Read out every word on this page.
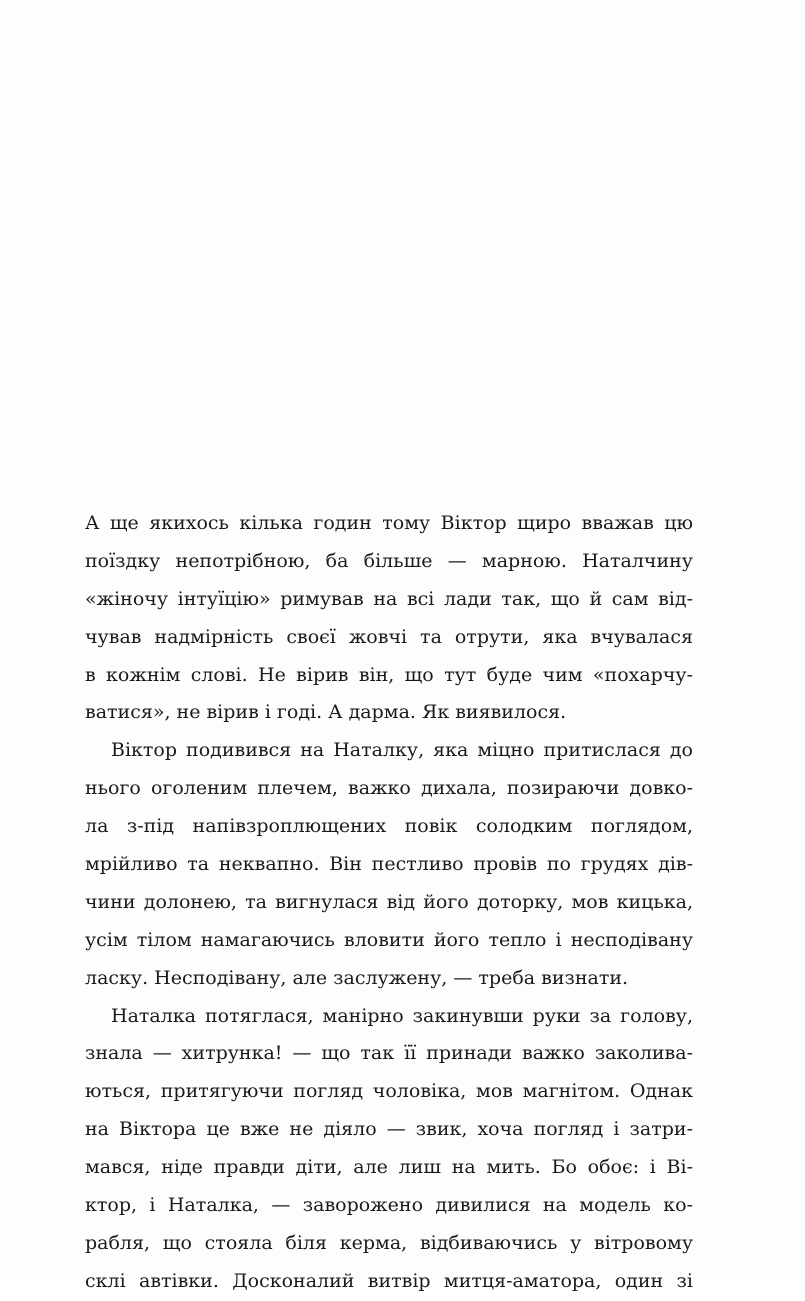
А ще якихось кілька годин тому Віктор щиро вважав цю
поїздку непотрібною, ба більше — марною. Наталчину
«жіночу інтуїцію» римував на всі лади так, що й сам від-
чував надмірність своєї жовчі та отрути, яка вчувалася
в кожнім слові. Не вірив він, що тут буде чим «похарчу-
ватися», не вірив і годі. А дарма. Як виявилося.
Віктор подивився на Наталку, яка міцно притислася до
нього оголеним плечем, важко дихала, позираючи довко-
ла з-під напівзроплющених повік солодким поглядом,
мрійливо та неквапно. Він пестливо провів по грудях дів-
чини долонею, та вигнулася від його доторку, мов кицька,
усім тілом намагаючись вловити його тепло і несподівану
ласку. Несподівану, але заслужену, — треба визнати.
Наталка потяглася, манірно закинувши руки за голову,
знала — хитрунка! — що так її принади важко заколива-
ються, притягуючи погляд чоловіка, мов магнітом. Однак
на Віктора це вже не діяло — звик, хоча погляд і затри-
мався, ніде правди діти, але лиш на мить. Бо обоє: і Ві-
ктор, і Наталка, — заворожено дивилися на модель ко-
рабля, що стояла біля керма, відбиваючись у вітровому
склі автівки. Досконалий витвір митця-аматора, один зі
